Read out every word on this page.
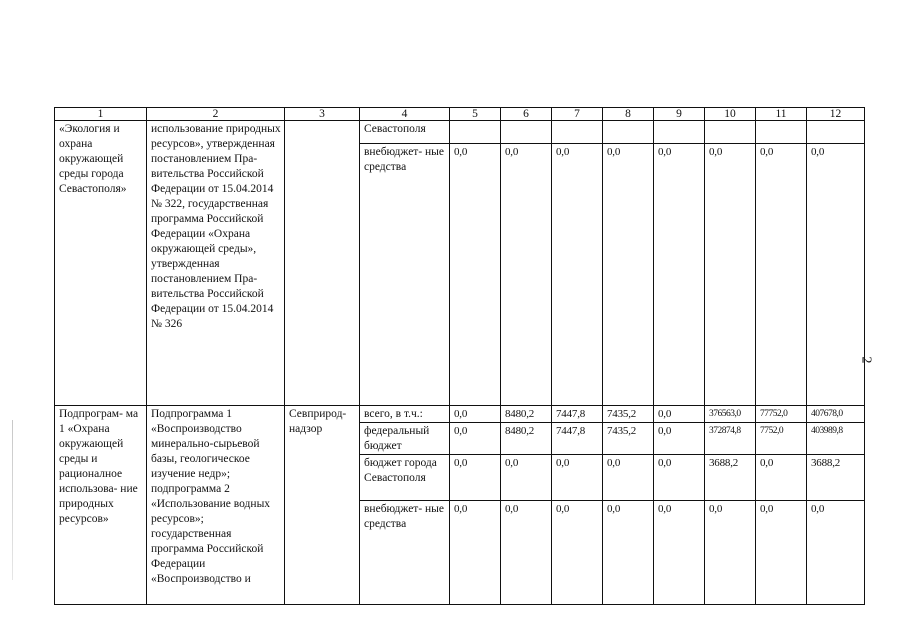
1	2	3	4	5	6	7	8	9	10	11	12
«Экология и охрана окружающей среды города Севастополя»	использование природных ресурсов», утвержденная постановлением Пра- вительства Российской Федерации от 15.04.2014 № 322, государственная программа Российской Федерации «Охрана окружающей среды», утвержденная постановлением Пра- вительства Российской Федерации от 15.04.2014 № 326		Севастополя								
			внебюджет- ные средства	0,0	0,0	0,0	0,0	0,0	0,0	0,0	0,0
Подпрограм- ма 1 «Охрана окружающей среды и рационалное использова- ние природных ресурсов»	Подпрограмма 1 «Воспроизводство минерально-сырьевой базы, геологическое изучение недр»; подпрограмма 2 «Использование водных ресурсов»; государственная программа Российской Федерации «Воспроизводство и	Севприрод- надзор	всего, в т.ч.:	0,0	8480,2	7447,8	7435,2	0,0	376563,0	77752,0	407678,0
			федеральный бюджет	0,0	8480,2	7447,8	7435,2	0,0	372874,8	7752,0	403989,8
			бюджет города Севастополя	0,0	0,0	0,0	0,0	0,0	3688,2	0,0	3688,2
			внебюджет- ные средства	0,0	0,0	0,0	0,0	0,0	0,0	0,0	0,0
2
